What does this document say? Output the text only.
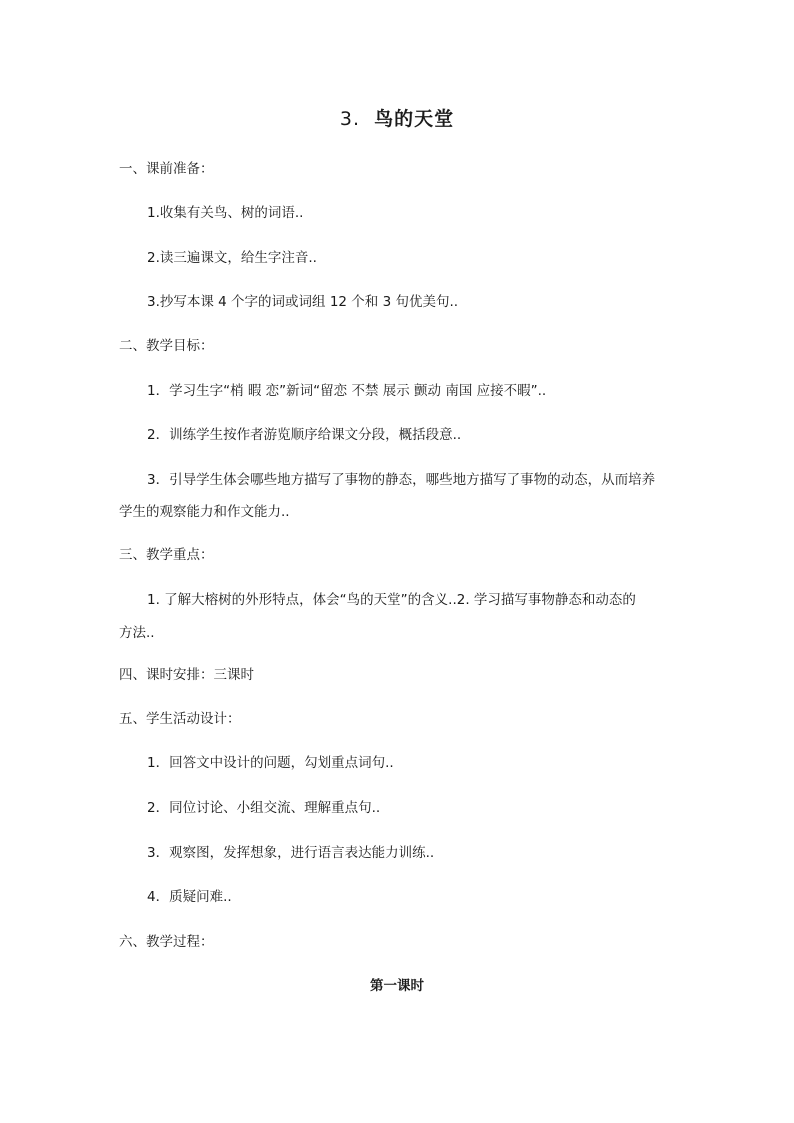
3. 鸟的天堂
一、课前准备：
1.收集有关鸟、树的词语..
2.读三遍课文，给生字注音..
3.抄写本课 4 个字的词或词组 12 个和 3 句优美句..
二、教学目标：
1．学习生字“梢 暇 恋”新词“留恋 不禁 展示 颤动 南国 应接不暇”..
2．训练学生按作者游览顺序给课文分段，概括段意..
3．引导学生体会哪些地方描写了事物的静态，哪些地方描写了事物的动态，从而培养
学生的观察能力和作文能力..
三、教学重点：
1. 了解大榕树的外形特点，体会“鸟的天堂”的含义..2. 学习描写事物静态和动态的
方法..
四、课时安排：三课时
五、学生活动设计：
1．回答文中设计的问题，勾划重点词句..
2．同位讨论、小组交流、理解重点句..
3．观察图，发挥想象，进行语言表达能力训练..
4．质疑问难..
六、教学过程：
第一课时
